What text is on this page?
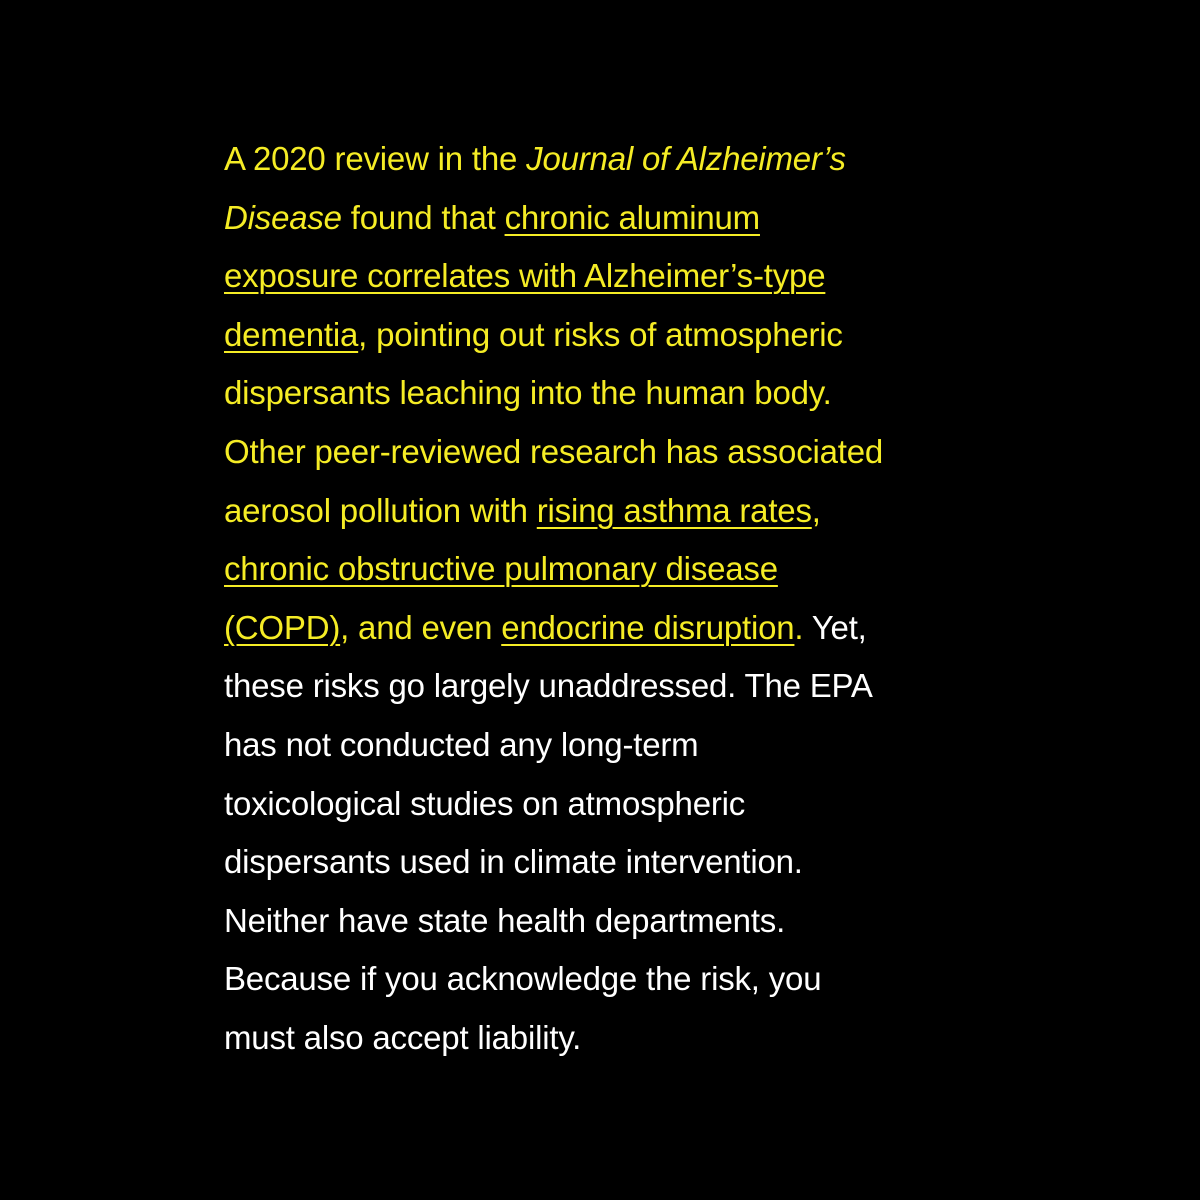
A 2020 review in the Journal of Alzheimer’s
Disease found that chronic aluminum
exposure correlates with Alzheimer’s-type
dementia, pointing out risks of atmospheric
dispersants leaching into the human body.
Other peer-reviewed research has associated
aerosol pollution with rising asthma rates,
chronic obstructive pulmonary disease
(COPD), and even endocrine disruption. Yet,
these risks go largely unaddressed. The EPA
has not conducted any long-term
toxicological studies on atmospheric
dispersants used in climate intervention.
Neither have state health departments.
Because if you acknowledge the risk, you
must also accept liability.
